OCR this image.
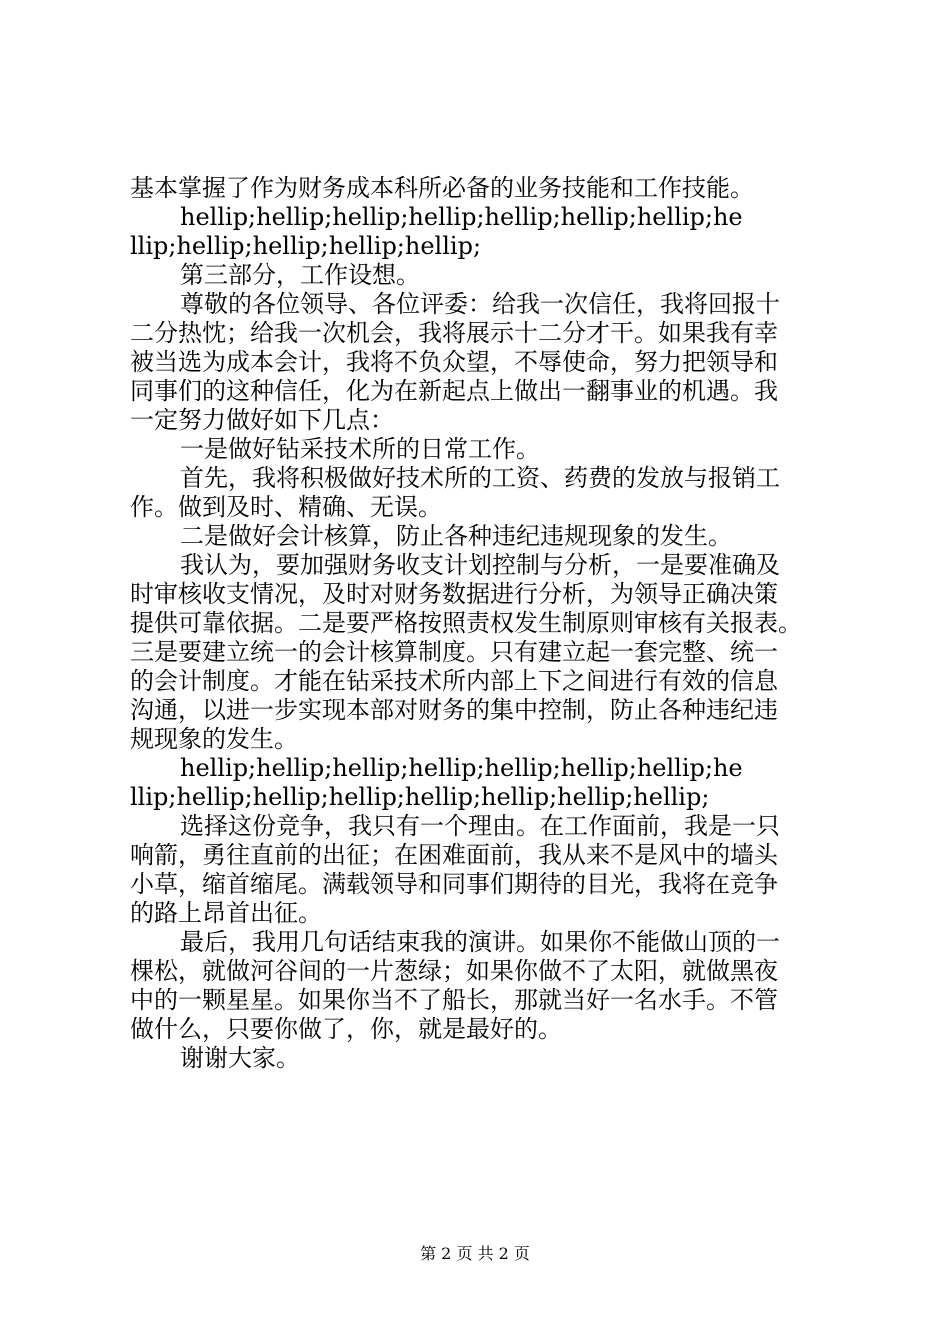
基本掌握了作为财务成本科所必备的业务技能和工作技能。
hellip;hellip;hellip;hellip;hellip;hellip;hellip;he
llip;hellip;hellip;hellip;hellip;
第三部分，工作设想。
尊敬的各位领导、各位评委：给我一次信任，我将回报十
二分热忱；给我一次机会，我将展示十二分才干。如果我有幸
被当选为成本会计，我将不负众望，不辱使命，努力把领导和
同事们的这种信任，化为在新起点上做出一翻事业的机遇。我
一定努力做好如下几点：
一是做好钻采技术所的日常工作。
首先，我将积极做好技术所的工资、药费的发放与报销工
作。做到及时、精确、无误。
二是做好会计核算，防止各种违纪违规现象的发生。
我认为，要加强财务收支计划控制与分析，一是要准确及
时审核收支情况，及时对财务数据进行分析，为领导正确决策
提供可靠依据。二是要严格按照责权发生制原则审核有关报表。
三是要建立统一的会计核算制度。只有建立起一套完整、统一
的会计制度。才能在钻采技术所内部上下之间进行有效的信息
沟通，以进一步实现本部对财务的集中控制，防止各种违纪违
规现象的发生。
hellip;hellip;hellip;hellip;hellip;hellip;hellip;he
llip;hellip;hellip;hellip;hellip;hellip;hellip;hellip;
选择这份竞争，我只有一个理由。在工作面前，我是一只
响箭，勇往直前的出征；在困难面前，我从来不是风中的墙头
小草，缩首缩尾。满载领导和同事们期待的目光，我将在竞争
的路上昂首出征。
最后，我用几句话结束我的演讲。如果你不能做山顶的一
棵松，就做河谷间的一片葱绿；如果你做不了太阳，就做黑夜
中的一颗星星。如果你当不了船长，那就当好一名水手。不管
做什么，只要你做了，你，就是最好的。
谢谢大家。
第 2 页 共 2 页
